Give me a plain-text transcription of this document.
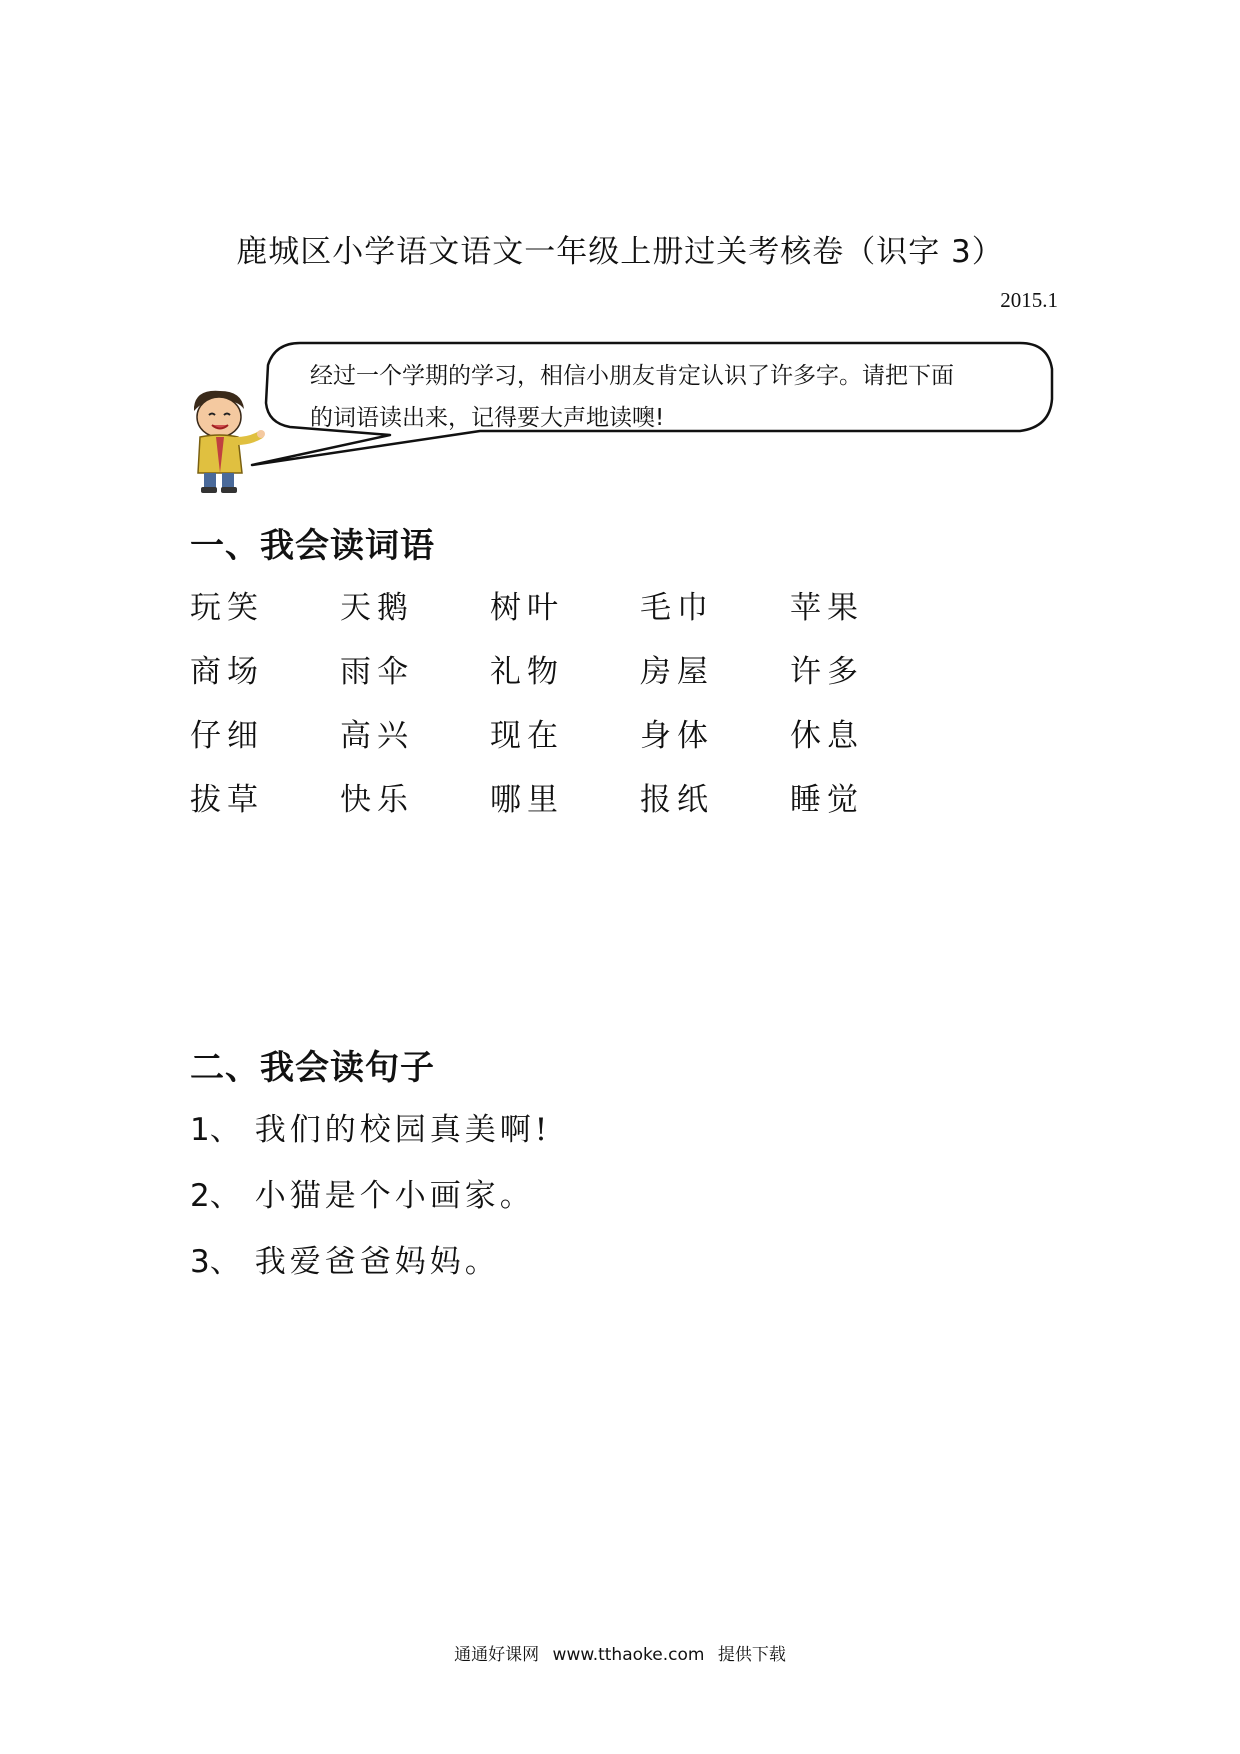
鹿城区小学语文语文一年级上册过关考核卷（识字 3）
2015.1
经过一个学期的学习，相信小朋友肯定认识了许多字。请把下面
的词语读出来，记得要大声地读噢!
一、我会读词语
玩笑	天鹅	树叶	毛巾	苹果
商场	雨伞	礼物	房屋	许多
仔细	高兴	现在	身体	休息
拔草	快乐	哪里	报纸	睡觉
二、我会读句子
1、 我们的校园真美啊!
2、 小猫是个小画家。
3、 我爱爸爸妈妈。
通通好课网 www.tthaoke.com 提供下载
